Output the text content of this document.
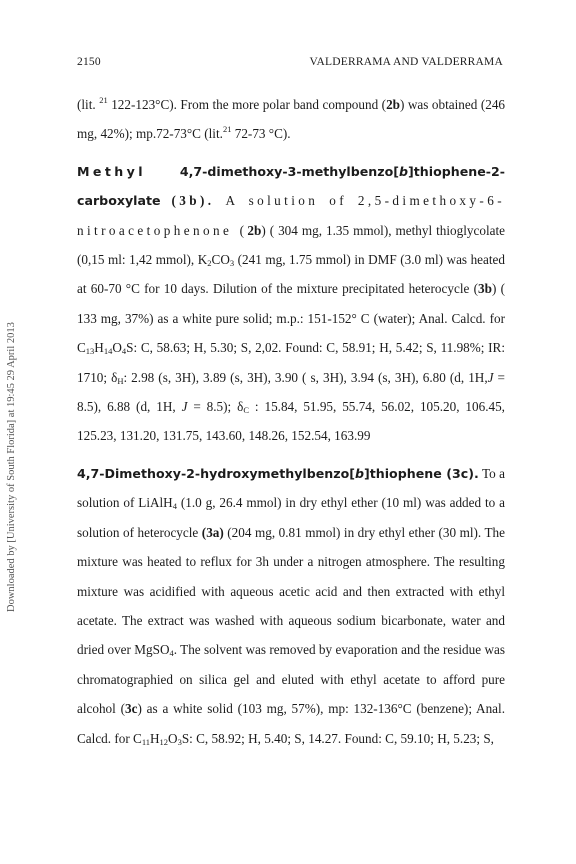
2150	VALDERRAMA AND VALDERRAMA
Downloaded by [University of South Florida] at 19:45 29 April 2013

(lit. $^{21}$ 122-123°C). From the more polar band compound (2b) was obtained (246 mg, 42%); mp.72-73°C (lit.$^{21}$ 72-73 °C).

Methyl 4,7-dimethoxy-3-methylbenzo[b]thiophene-2-carboxylate (3b). A solution of 2,5-dimethoxy-6-nitroacetophenone (2b) ( 304 mg, 1.35 mmol), methyl thioglycolate (0,15 ml: 1,42 mmol), $K_2CO_3$ (241 mg, 1.75 mmol) in DMF (3.0 ml) was heated at 60-70 °C for 10 days. Dilution of the mixture precipitated heterocycle (3b) ( 133 mg, 37%) as a white pure solid; m.p.: 151-152° C (water); Anal. Calcd. for $C_{13}H_{14}O_4S$: C, 58.63; H, 5.30; S, 2,02. Found: C, 58.91; H, 5.42; S, 11.98%; IR: 1710; $\delta_H$: 2.98 (s, 3H), 3.89 (s, 3H), 3.90 ( s, 3H), 3.94 (s, 3H), 6.80 (d, 1H,J = 8.5), 6.88 (d, 1H, J = 8.5); $\delta_C$ : 15.84, 51.95, 55.74, 56.02, 105.20, 106.45, 125.23, 131.20, 131.75, 143.60, 148.26, 152.54, 163.99

4,7-Dimethoxy-2-hydroxymethylbenzo[b]thiophene (3c). To a solution of LiAlH$_4$ (1.0 g, 26.4 mmol) in dry ethyl ether (10 ml) was added to a solution of heterocycle (3a) (204 mg, 0.81 mmol) in dry ethyl ether (30 ml). The mixture was heated to reflux for 3h under a nitrogen atmosphere. The resulting mixture was acidified with aqueous acetic acid and then extracted with ethyl acetate. The extract was washed with aqueous sodium bicarbonate, water and dried over MgSO$_4$. The solvent was removed by evaporation and the residue was chromatographied on silica gel and eluted with ethyl acetate to afford pure alcohol (3c) as a white solid (103 mg, 57%), mp: 132-136°C (benzene); Anal. Calcd. for $C_{11}H_{12}O_3S$: C, 58.92; H, 5.40; S, 14.27. Found: C, 59.10; H, 5.23; S,
